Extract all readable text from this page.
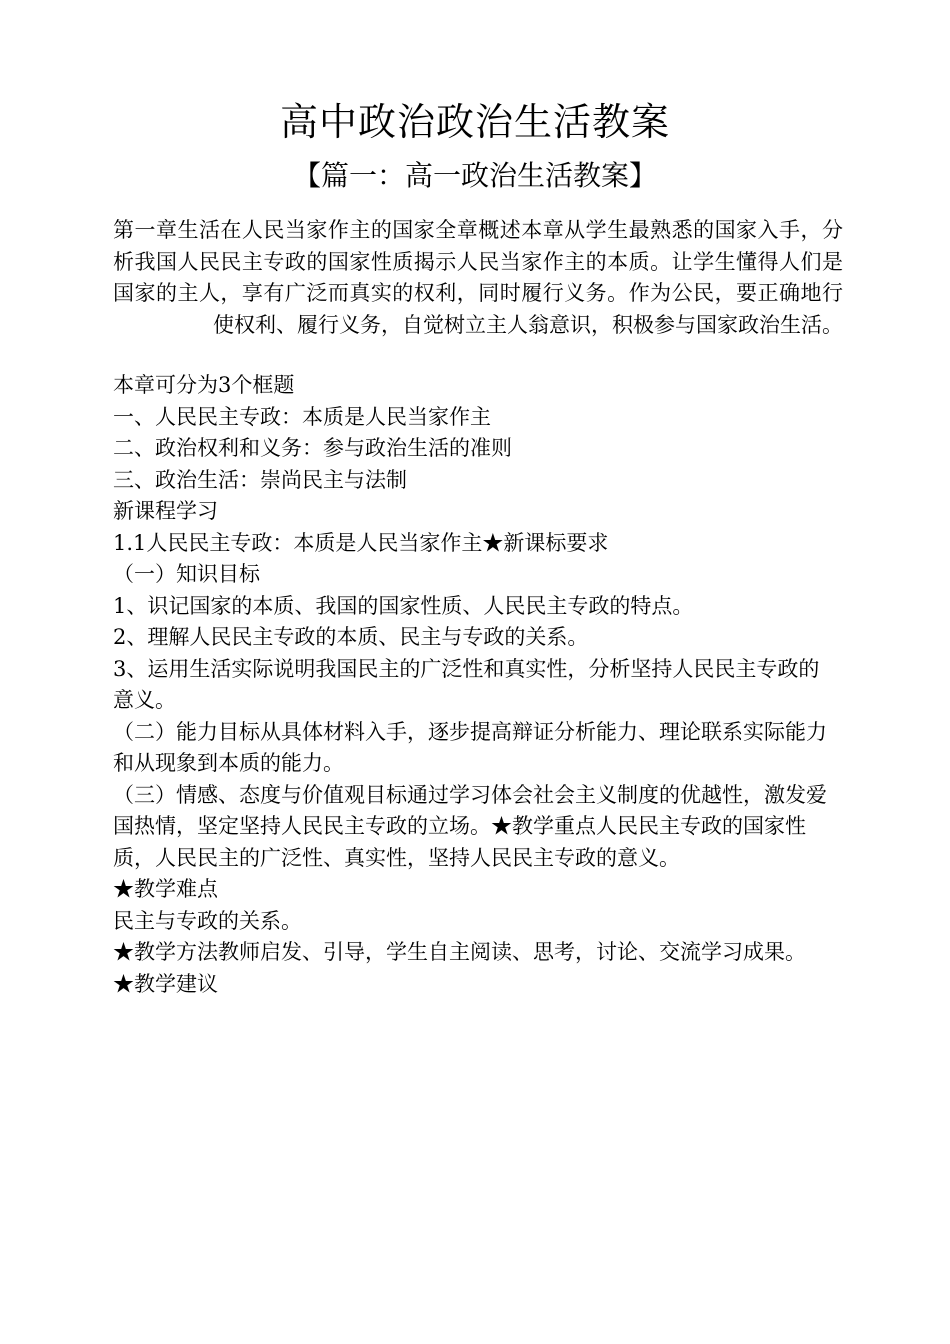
高中政治政治生活教案
【篇一：高一政治生活教案】
第一章生活在人民当家作主的国家全章概述本章从学生最熟悉的国家入手，分析我国人民民主专政的国家性质揭示人民当家作主的本质。让学生懂得人们是国家的主人，享有广泛而真实的权利，同时履行义务。作为公民，要正确地行使权利、履行义务，自觉树立主人翁意识，积极参与国家政治生活。

本章可分为3个框题

一、人民民主专政：本质是人民当家作主

二、政治权利和义务：参与政治生活的准则

三、政治生活：崇尚民主与法制

新课程学习

1.1人民民主专政：本质是人民当家作主★新课标要求

（一）知识目标

1、识记国家的本质、我国的国家性质、人民民主专政的特点。

2、理解人民民主专政的本质、民主与专政的关系。

3、运用生活实际说明我国民主的广泛性和真实性，分析坚持人民民主专政的意义。

（二）能力目标从具体材料入手，逐步提高辩证分析能力、理论联系实际能力和从现象到本质的能力。

（三）情感、态度与价值观目标通过学习体会社会主义制度的优越性，激发爱国热情，坚定坚持人民民主专政的立场。★教学重点人民民主专政的国家性质，人民民主的广泛性、真实性，坚持人民民主专政的意义。

★教学难点

民主与专政的关系。

★教学方法教师启发、引导，学生自主阅读、思考，讨论、交流学习成果。

★教学建议
